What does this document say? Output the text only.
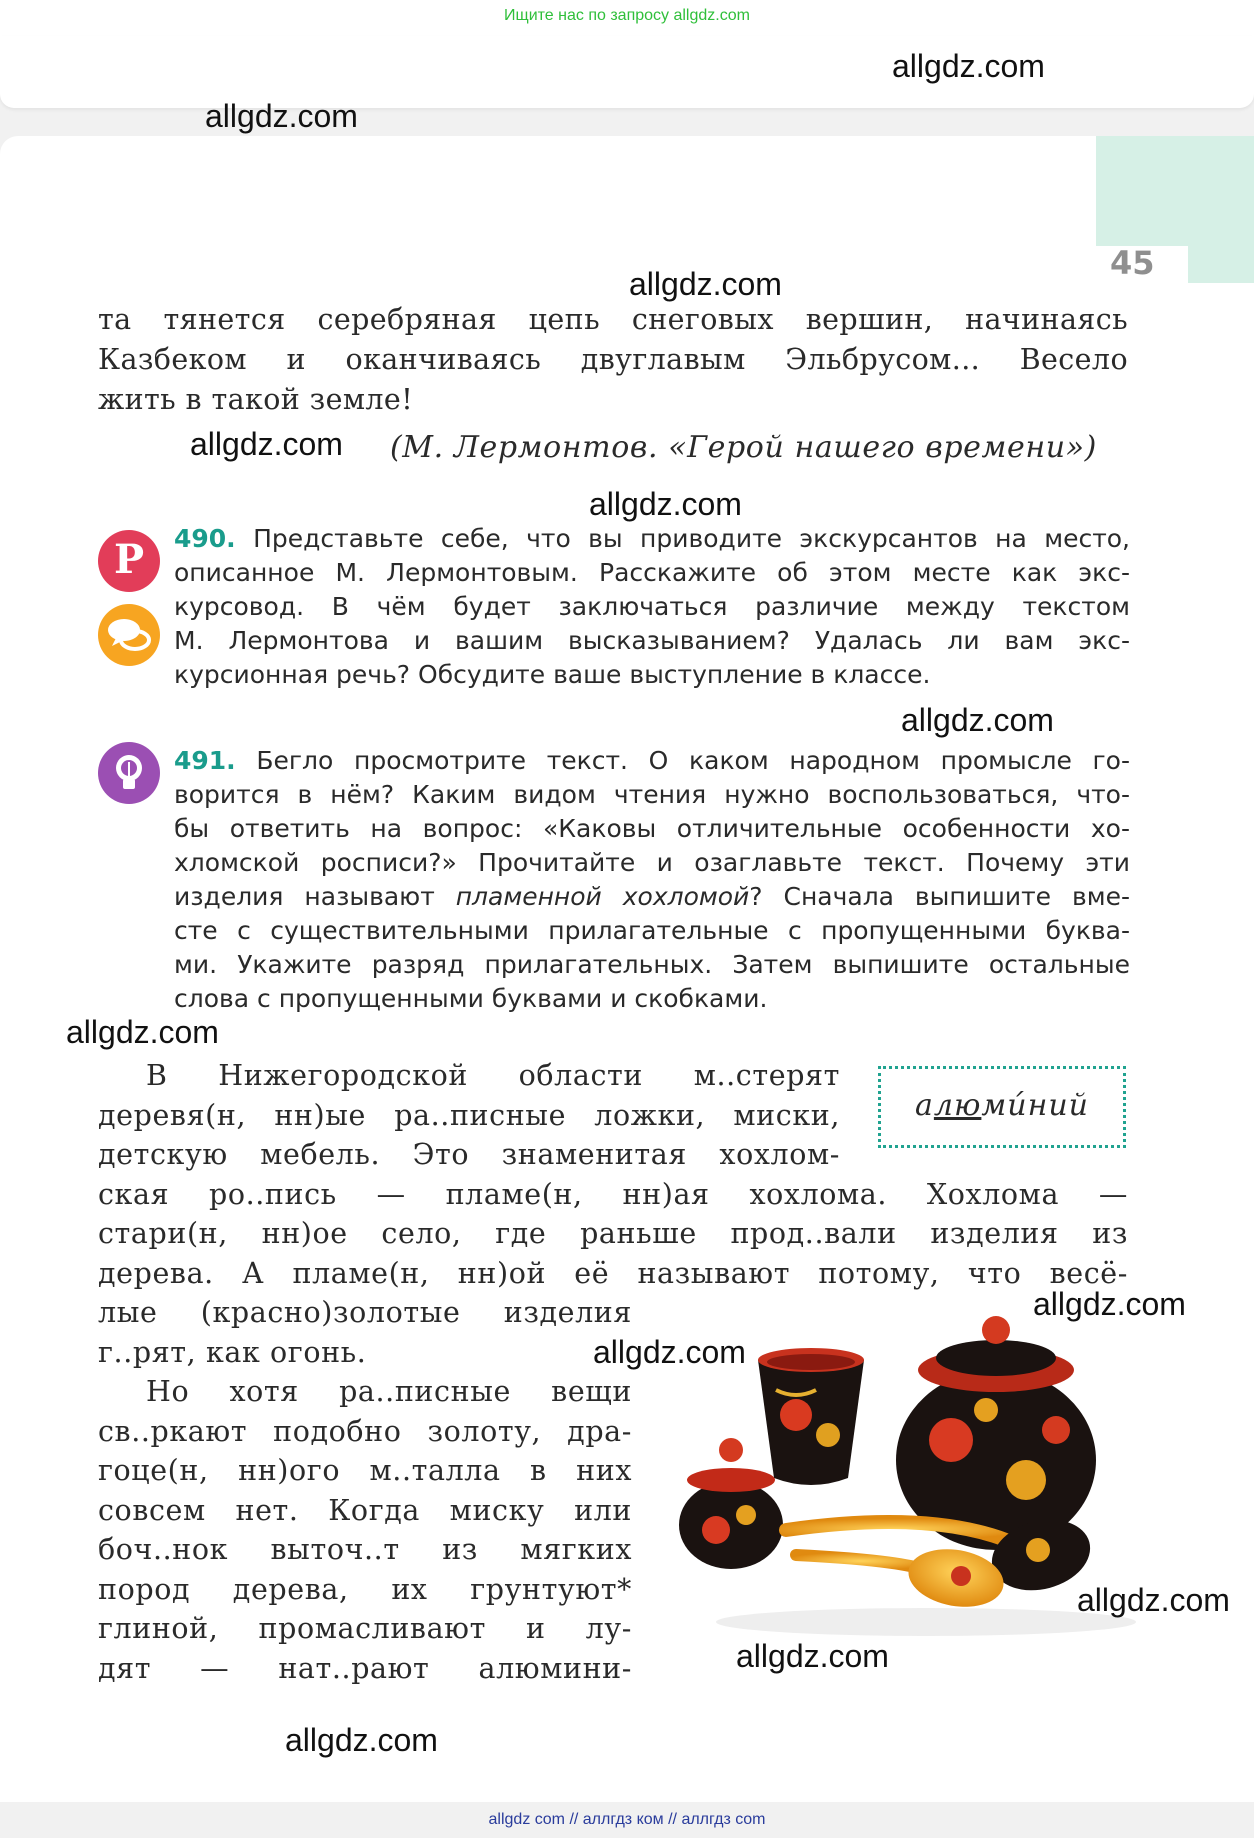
Ищите нас по запросу allgdz.com
45
та тянется серебряная цепь снеговых вершин, начинаясь
Казбеком и оканчиваясь двуглавым Эльбрусом... Весело
жить в такой земле!
(М. Лермонтов. «Герой нашего времени»)
P	490. Представьте себе, что вы приводите экскурсантов на место,
описанное М. Лермонтовым. Расскажите об этом месте как экс-
курсовод. В чём будет заключаться различие между текстом
М. Лермонтова и вашим высказыванием? Удалась ли вам экс-
курсионная речь? Обсудите ваше выступление в классе.
491. Бегло просмотрите текст. О каком народном промысле го-
ворится в нём? Каким видом чтения нужно воспользоваться, что-
бы ответить на вопрос: «Каковы отличительные особенности хо-
хломской росписи?» Прочитайте и озаглавьте текст. Почему эти
изделия называют пламенной хохломой? Сначала выпишите вме-
сте с существительными прилагательные с пропущенными буква-
ми. Укажите разряд прилагательных. Затем выпишите остальные
слова с пропущенными буквами и скобками.
алюми́ний
В Нижегородской области м..стерят
деревя(н, нн)ые ра..писные ложки, миски,
детскую мебель. Это знаменитая хохлом-
ская ро..пись — пламе(н, нн)ая хохлома. Хохлома —
стари(н, нн)ое село, где раньше прод..вали изделия из
дерева. А пламе(н, нн)ой её называют потому, что весё-
лые (красно)золотые изделия
г..рят, как огонь.
Но хотя ра..писные вещи
св..ркают подобно золоту, дра-
гоце(н, нн)ого м..талла в них
совсем нет. Когда миску или
боч..нок выточ..т из мягких
пород дерева, их грунтуют*
глиной, промасливают и лу-
дят — нат..рают алюмини-
allgdz.com
allgdz.com
allgdz.com
allgdz.com
allgdz.com
allgdz.com
allgdz.com
allgdz.com
allgdz.com
allgdz.com
allgdz.com
allgdz.com
allgdz com // аллгдз ком // аллгдз com
